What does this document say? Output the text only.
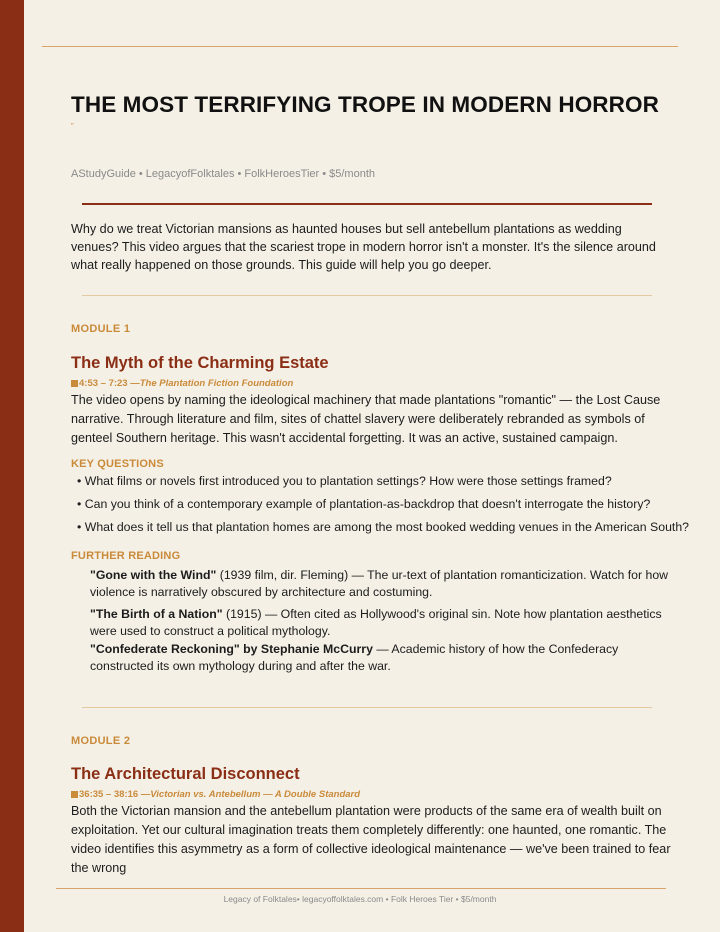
THE MOST TERRIFYING TROPE IN MODERN HORROR
”
AStudyGuide • LegacyofFolktales • FolkHeroesTier • $5/month

Why do we treat Victorian mansions as haunted houses but sell antebellum plantations as wedding venues? This video argues that the scariest trope in modern horror isn't a monster. It's the silence around what really happened on those grounds. This guide will help you go deeper.

MODULE 1
The Myth of the Charming Estate
4:53 – 7:23 — The Plantation Fiction Foundation

The video opens by naming the ideological machinery that made plantations "romantic" — the Lost Cause narrative. Through literature and film, sites of chattel slavery were deliberately rebranded as symbols of genteel Southern heritage. This wasn't accidental forgetting. It was an active, sustained campaign.

KEY QUESTIONS
• What films or novels first introduced you to plantation settings? How were those settings framed?
• Can you think of a contemporary example of plantation-as-backdrop that doesn't interrogate the history?
• What does it tell us that plantation homes are among the most booked wedding venues in the American South?
FURTHER READING

"Gone with the Wind" (1939 film, dir. Fleming) — The ur-text of plantation romanticization. Watch for how violence is narratively obscured by architecture and costuming.

"The Birth of a Nation" (1915) — Often cited as Hollywood's original sin. Note how plantation aesthetics were used to construct a political mythology.

"Confederate Reckoning" by Stephanie McCurry — Academic history of how the Confederacy constructed its own mythology during and after the war.

MODULE 2
The Architectural Disconnect
36:35 – 38:16 — Victorian vs. Antebellum — A Double Standard

Both the Victorian mansion and the antebellum plantation were products of the same era of wealth built on exploitation. Yet our cultural imagination treats them completely differently: one haunted, one romantic. The video identifies this asymmetry as a form of collective ideological maintenance — we've been trained to fear the wrong

Legacy of Folktales• legacyoffolktales.com • Folk Heroes Tier • $5/month
